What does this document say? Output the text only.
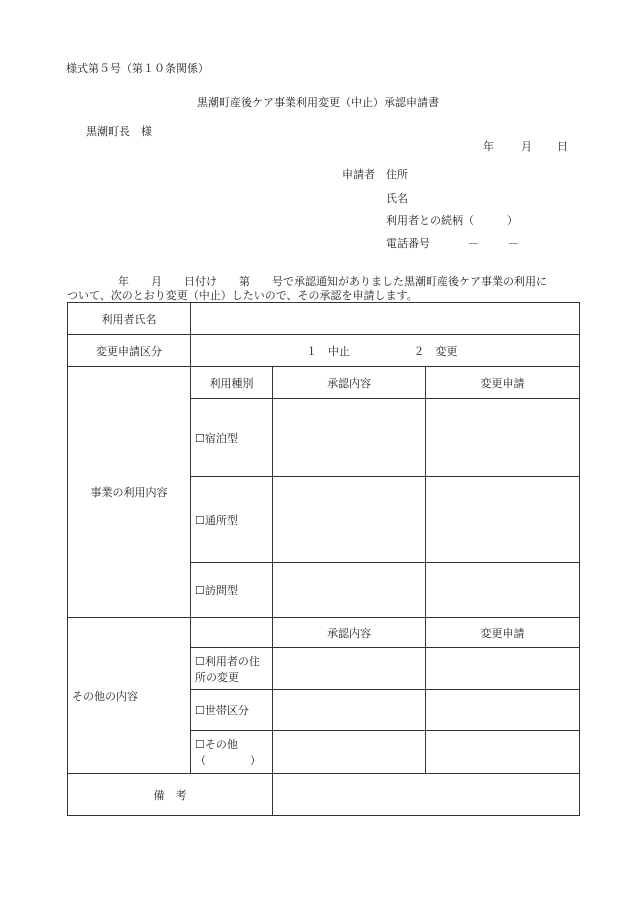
様式第５号（第１０条関係）
黒潮町産後ケア事業利用変更（中止）承認申請書
黒潮町長　様
年 月 日
申請者 住所
氏名
利用者との続柄（　　　）
電話番号	－	－
年　　月　　日付け　　第　　号で承認通知がありました黒潮町産後ケア事業の利用に
ついて、次のとおり変更（中止）したいので、その承認を申請します。
利用者氏名			
変更申請区分	１　中止 ２　変更		
事業の利用内容	利用種別	承認内容	変更申請
	☐宿泊型		
	☐通所型		
	☐訪問型		
その他の内容		承認内容	変更申請

	☐利用者の住
所の変更		

	☐世帯区分		

	☐その他
（　　　　）		

備　考			
